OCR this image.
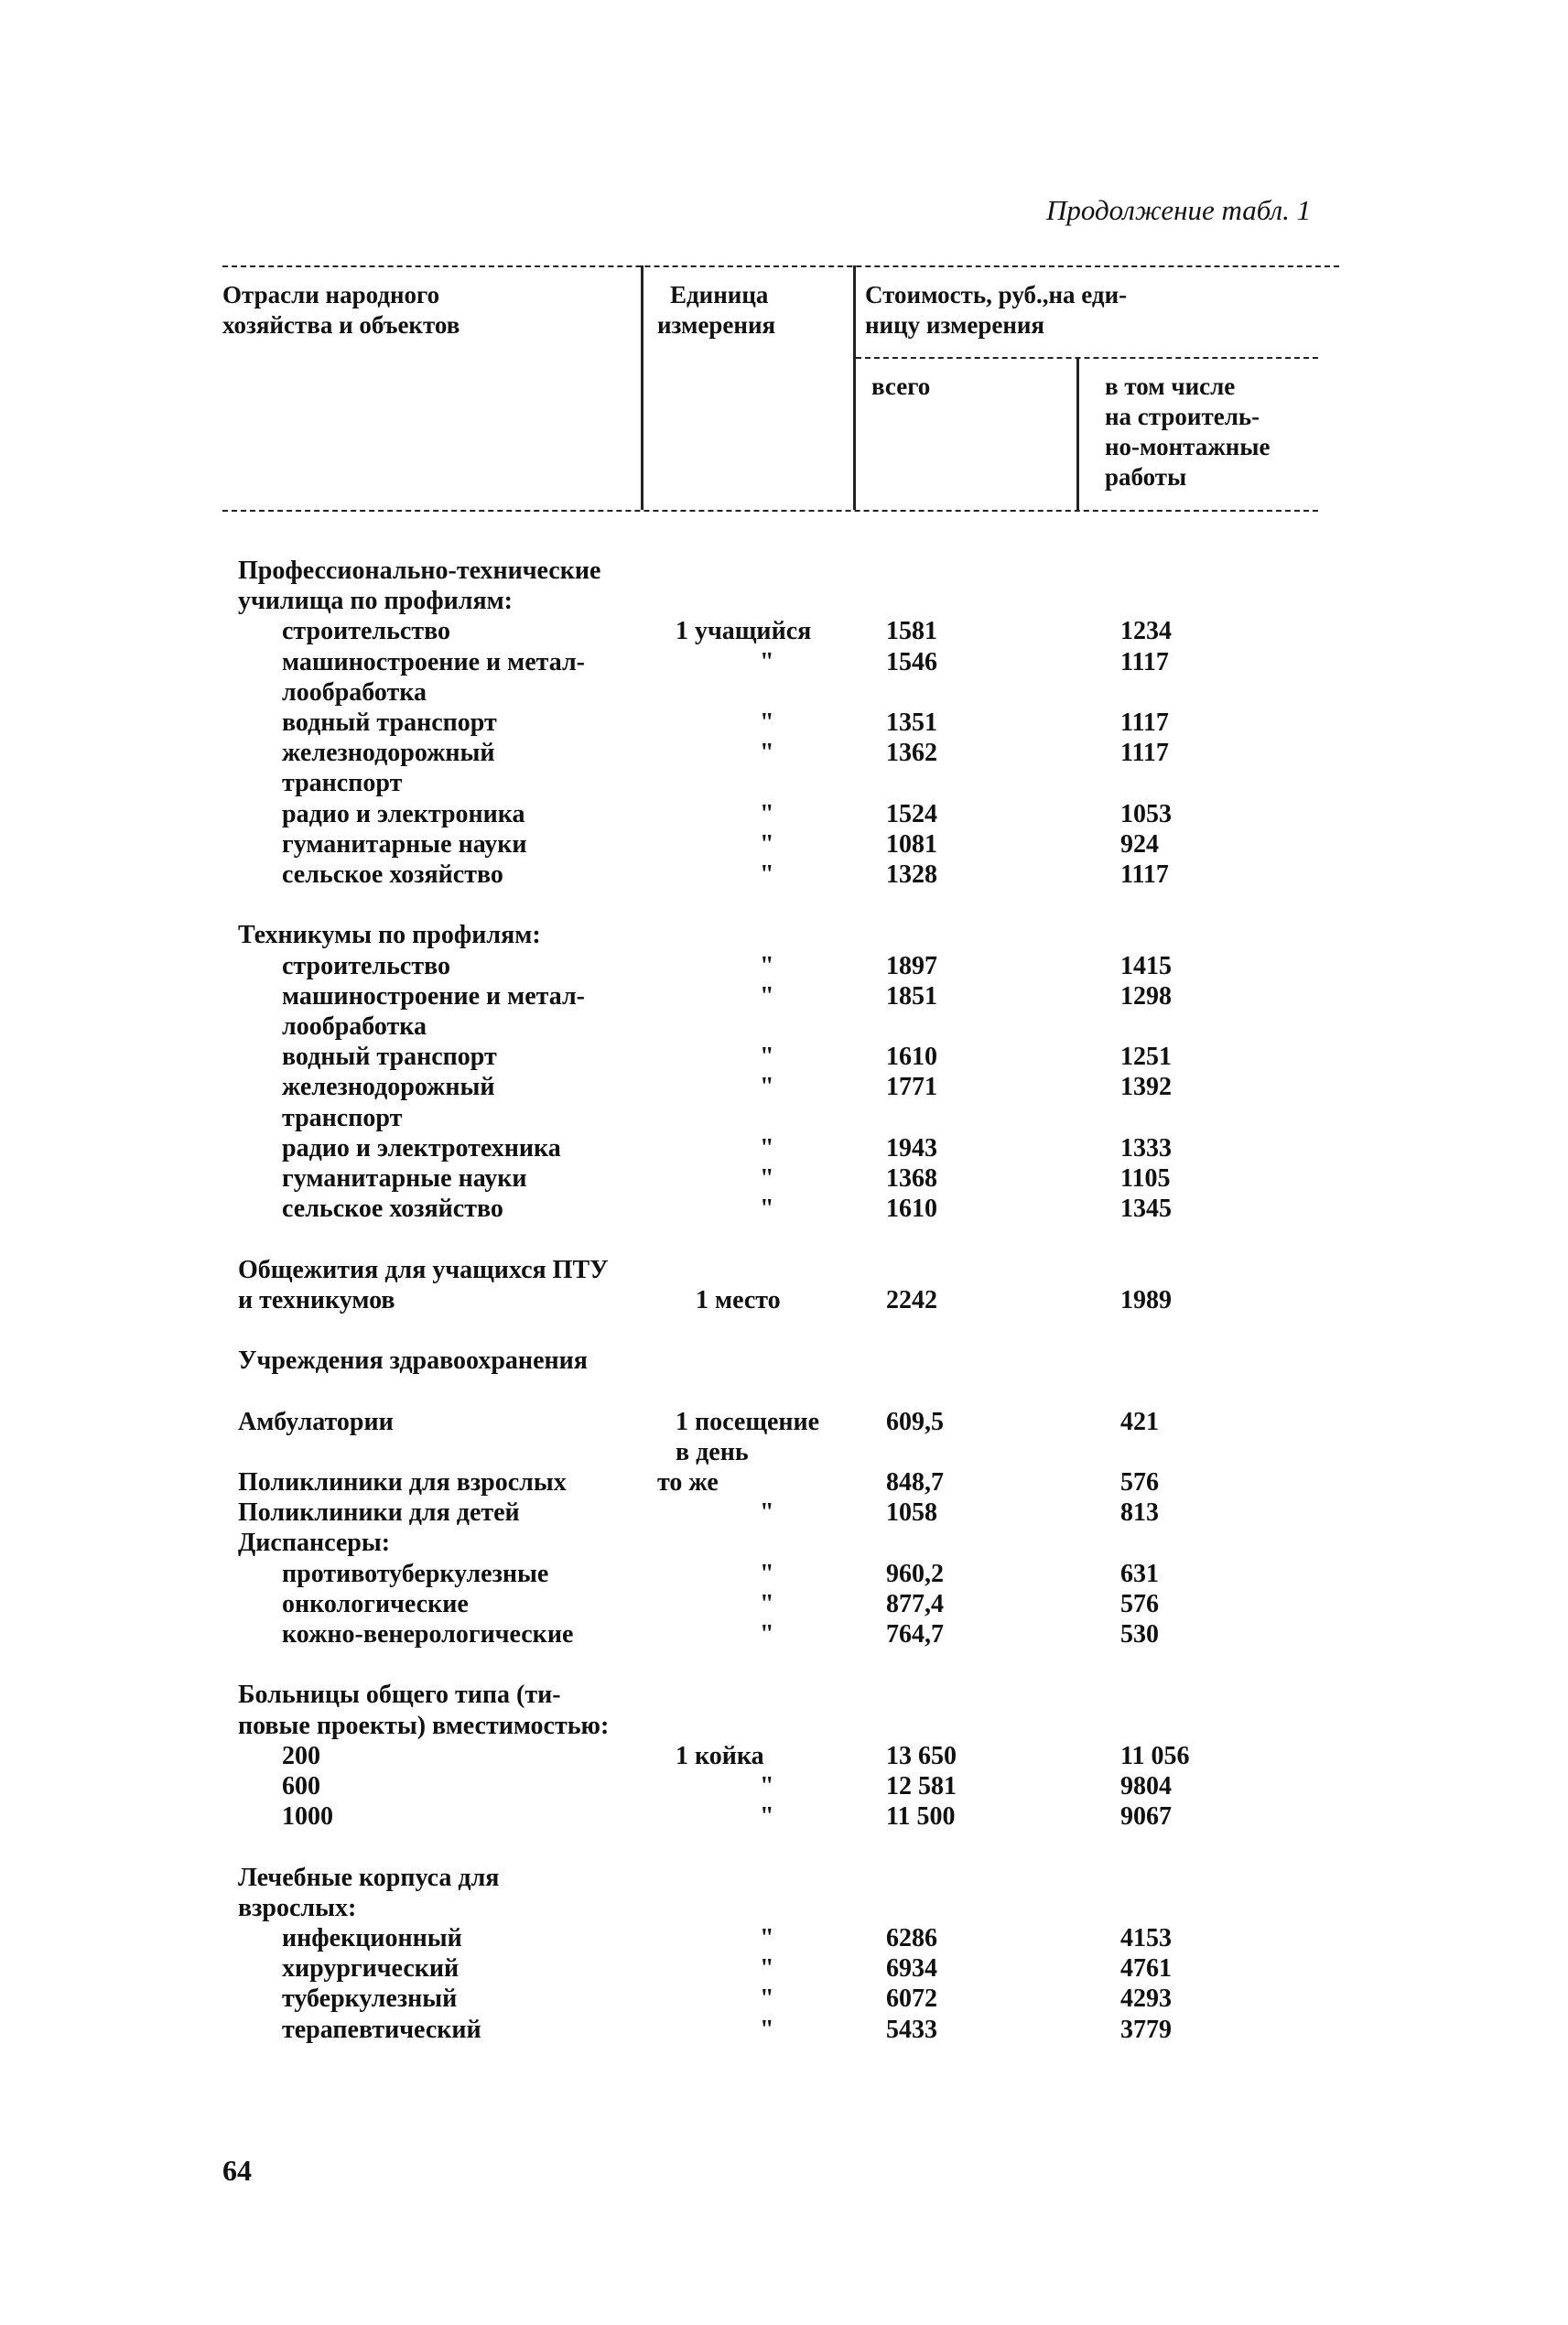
Продолжение табл. 1
Отрасли народного
хозяйства и объектов
Единица
измерения
Стоимость, руб.,на еди-
ницу измерения
всего	в том числе
на строитель-
но-монтажные
работы
Профессионально-технические
училища по профилям:
строительство	1 учащийся	1581	1234
машиностроение и метал-	"	1546	1117
лообработка
водный транспорт	"	1351	1117
железнодорожный	"	1362	1117
транспорт
радио и электроника	"	1524	1053
гуманитарные науки	"	1081	924
сельское хозяйство	"	1328	1117
Техникумы по профилям:
строительство	"	1897	1415
машиностроение и метал-	"	1851	1298
лообработка
водный транспорт	"	1610	1251
железнодорожный	"	1771	1392
транспорт
радио и электротехника	"	1943	1333
гуманитарные науки	"	1368	1105
сельское хозяйство	"	1610	1345
Общежития для учащихся ПТУ
и техникумов	1 место	2242	1989
Учреждения здравоохранения
Амбулатории	1 посещение	609,5	421
в день
Поликлиники для взрослых	то же	848,7	576
Поликлиники для детей	"	1058	813
Диспансеры:
противотуберкулезные	"	960,2	631
онкологические	"	877,4	576
кожно-венерологические	"	764,7	530
Больницы общего типа (ти-
повые проекты) вместимостью:
200	1 койка	13 650	11 056
600	"	12 581	9804
1000	"	11 500	9067
Лечебные корпуса для
взрослых:
инфекционный	"	6286	4153
хирургический	"	6934	4761
туберкулезный	"	6072	4293
терапевтический	"	5433	3779
64
